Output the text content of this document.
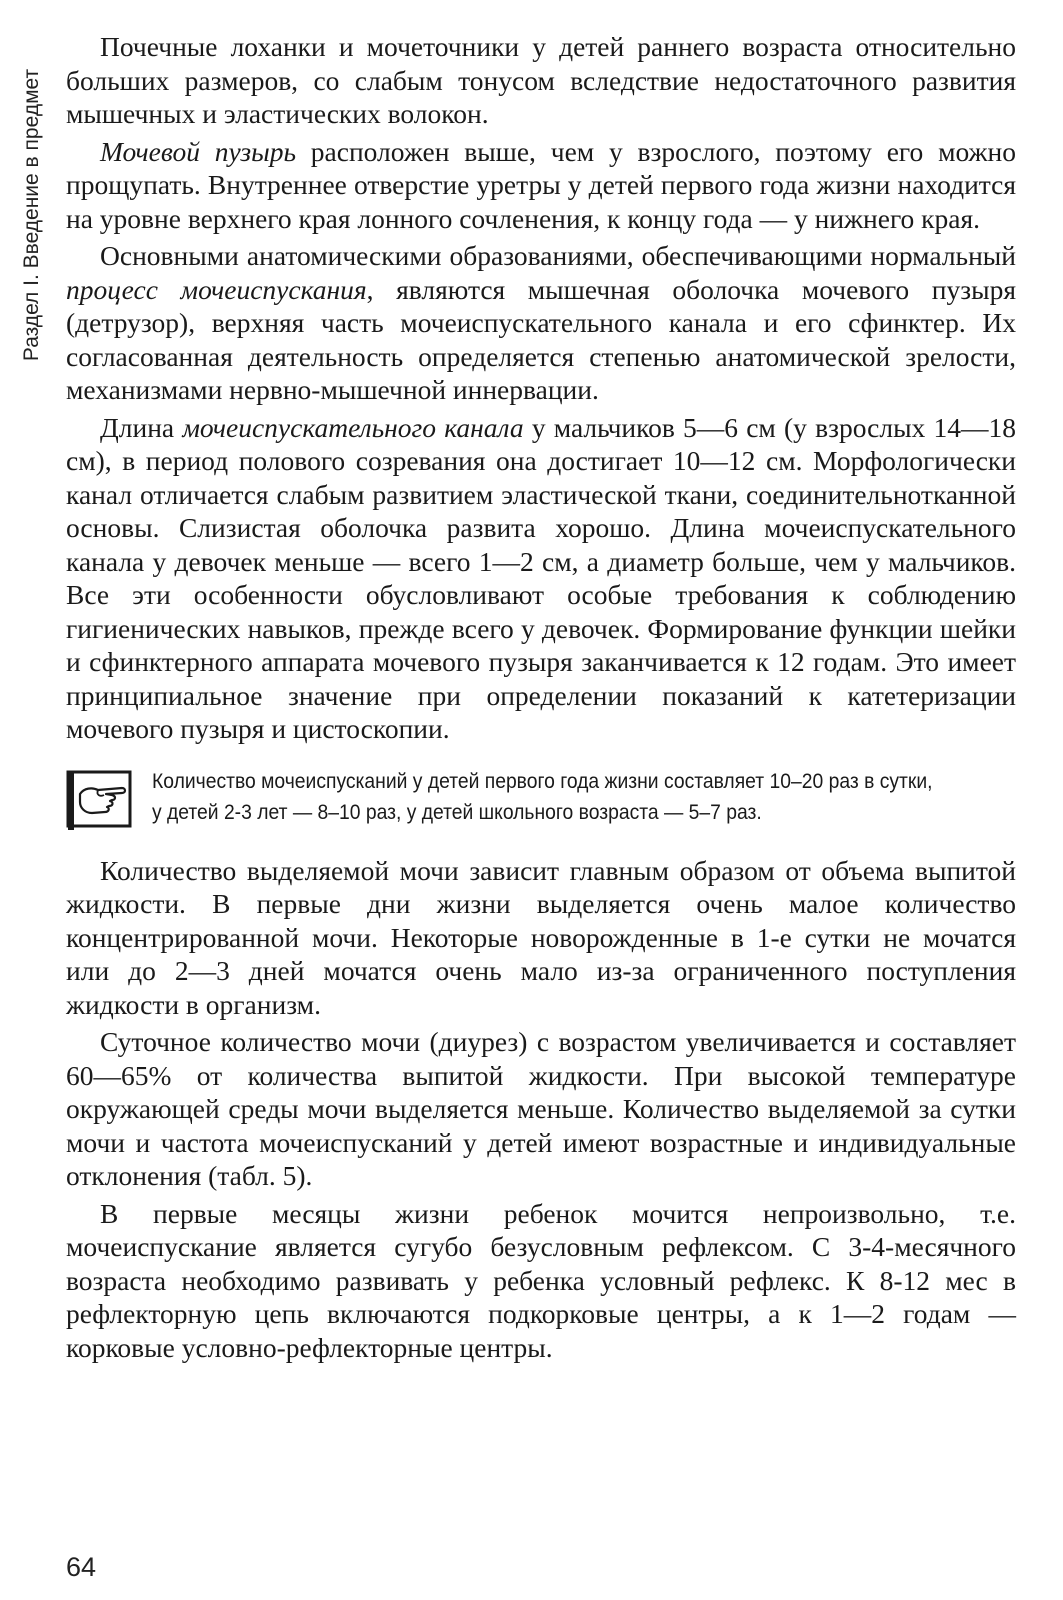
Раздел I. Введение в предмет

Почечные лоханки и мочеточники у детей раннего возраста относительно больших размеров, со слабым тонусом вследствие недостаточного развития мышечных и эластических волокон.

Мочевой пузырь расположен выше, чем у взрослого, поэтому его можно прощупать. Внутреннее отверстие уретры у детей первого года жизни находится на уровне верхнего края лонного сочленения, к концу года — у нижнего края.

Основными анатомическими образованиями, обеспечивающими нормальный процесс мочеиспускания, являются мышечная оболочка мочевого пузыря (детрузор), верхняя часть мочеиспускательного канала и его сфинктер. Их согласованная деятельность определяется степенью анатомической зрелости, механизмами нервно-мышечной иннервации.

Длина мочеиспускательного канала у мальчиков 5—6 см (у взрослых 14—18 см), в период полового созревания она достигает 10—12 см. Морфологически канал отличается слабым развитием эластической ткани, соединительнотканной основы. Слизистая оболочка развита хорошо. Длина мочеиспускательного канала у девочек меньше — всего 1—2 см, а диаметр больше, чем у мальчиков. Все эти особенности обусловливают особые требования к соблюдению гигиенических навыков, прежде всего у девочек. Формирование функции шейки и сфинктерного аппарата мочевого пузыря заканчивается к 12 годам. Это имеет принципиальное значение при определении показаний к катетеризации мочевого пузыря и цистоскопии.

Количество мочеиспусканий у детей первого года жизни составляет 10–20 раз в сутки, у детей 2-3 лет — 8–10 раз, у детей школьного возраста — 5–7 раз.

Количество выделяемой мочи зависит главным образом от объема выпитой жидкости. В первые дни жизни выделяется очень малое количество концентрированной мочи. Некоторые новорожденные в 1-е сутки не мочатся или до 2—3 дней мочатся очень мало из-за ограниченного поступления жидкости в организм.

Суточное количество мочи (диурез) с возрастом увеличивается и составляет 60—65% от количества выпитой жидкости. При высокой температуре окружающей среды мочи выделяется меньше. Количество выделяемой за сутки мочи и частота мочеиспусканий у детей имеют возрастные и индивидуальные отклонения (табл. 5).

В первые месяцы жизни ребенок мочится непроизвольно, т.е. мочеиспускание является сугубо безусловным рефлексом. С 3-4-месячного возраста необходимо развивать у ребенка условный рефлекс. К 8-12 мес в рефлекторную цепь включаются подкорковые центры, а к 1—2 годам — корковые условно-рефлекторные центры.

64
